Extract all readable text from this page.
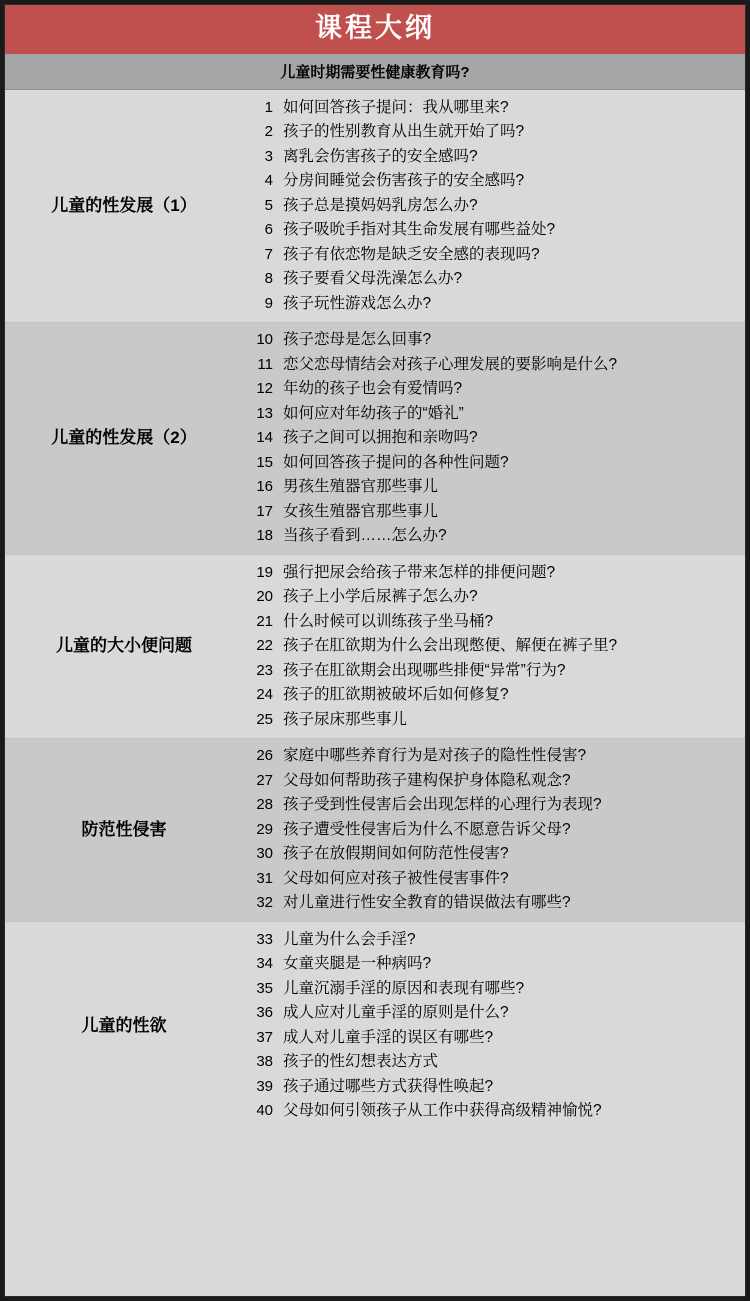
课程大纲
儿童时期需要性健康教育吗?
儿童的性发展（1）
1 如何回答孩子提问：我从哪里来?
2 孩子的性别教育从出生就开始了吗?
3 离乳会伤害孩子的安全感吗?
4 分房间睡觉会伤害孩子的安全感吗?
5 孩子总是摸妈妈乳房怎么办?
6 孩子吸吮手指对其生命发展有哪些益处?
7 孩子有依恋物是缺乏安全感的表现吗?
8 孩子要看父母洗澡怎么办?
9 孩子玩性游戏怎么办?
儿童的性发展（2）
10 孩子恋母是怎么回事?
11 恋父恋母情结会对孩子心理发展的要影响是什么?
12 年幼的孩子也会有爱情吗?
13 如何应对年幼孩子的“婚礼”
14 孩子之间可以拥抱和亲吻吗?
15 如何回答孩子提问的各种性问题?
16 男孩生殖器官那些事儿
17 女孩生殖器官那些事儿
18 当孩子看到……怎么办?
儿童的大小便问题
19 强行把尿会给孩子带来怎样的排便问题?
20 孩子上小学后尿裤子怎么办?
21 什么时候可以训练孩子坐马桶?
22 孩子在肛欲期为什么会出现憋便、解便在裤子里?
23 孩子在肛欲期会出现哪些排便“异常”行为?
24 孩子的肛欲期被破坏后如何修复?
25 孩子尿床那些事儿
防范性侵害
26 家庭中哪些养育行为是对孩子的隐性性侵害?
27 父母如何帮助孩子建构保护身体隐私观念?
28 孩子受到性侵害后会出现怎样的心理行为表现?
29 孩子遭受性侵害后为什么不愿意告诉父母?
30 孩子在放假期间如何防范性侵害?
31 父母如何应对孩子被性侵害事件?
32 对儿童进行性安全教育的错误做法有哪些?
儿童的性欲
33 儿童为什么会手淫?
34 女童夹腿是一种病吗?
35 儿童沉溺手淫的原因和表现有哪些?
36 成人应对儿童手淫的原则是什么?
37 成人对儿童手淫的误区有哪些?
38 孩子的性幻想表达方式
39 孩子通过哪些方式获得性唤起?
40 父母如何引领孩子从工作中获得高级精神愉悦?
